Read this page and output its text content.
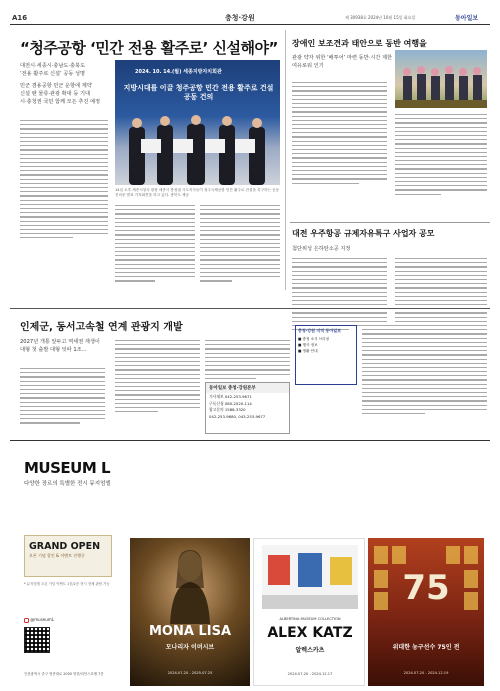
A16	충청·강원	제 30938호 2024년 10월 15일 화요일	동아일보
“청주공항 ‘민간 전용 활주로’ 신설해야”
대전시·세종시·충남도·충북도
‘전용 활주로 신설’ 공동 성명
민군 겸용공항 민군 운항에 제약
신설 땐 물류·관광 확대 등 기대
시·충청권 국민 함께 모든 추진 예정
2024. 10. 14.(월) 세종지방자치회관
지방시대를 이끌 청주공항 민간 전용 활주로 건설 공동 건의
14일 오후 세종시청사 광장 세종시 충청권 시도지사들이 청주국제공항 민간 활주로 건설을 촉구하는 공동 건의문 발표 기자회견을 하고 있다. 충북도 제공
장애인 보조견과 태안으로 동반 여행을
관광 약자 위한 ‘배투어’ 마련 동반·시간 제한 여유로워 인기
대전 우주항공 규제자유특구 사업자 공모
첨단위성 은하탄소공 지정
인제군, 동서고속철 연계 관광지 개발
2027년 개통 앞두고 역세권 재생이 대형 첫 출발 대형 잇따 1조...
동아일보 충청·강원본부
기사제보 042-253-9671
구독신청 080-2020-114
광고문의 1588-3320
042-253-9680, 043-253-9677
충청·강원 지역 동아일보
■ 충청 소식 브리핑
■ 행사 정보
■ 생활 안내
MUSEUM L
다양한 장르의 특별한 전시 뮤지엄엘
GRAND OPEN
오픈 기념 할인 & 이벤트 진행중
* 뮤지엄엘 오픈 기념 이벤트 1층/2층 전시 전체 관람 가능
MONA LISA
모나리자 이머시브
2024.07.20 - 2025.07.25
ALBERTINA MUSEUM COLLECTION
ALEX KATZ
알렉스카츠
2024.07.20 - 2024.12.17
75
위대한 농구선수 75인 전
2024.07.20 - 2024.12.19
@museumL
인천광역시 중구 영종대로 2000 영종/리안스호텔 7층
